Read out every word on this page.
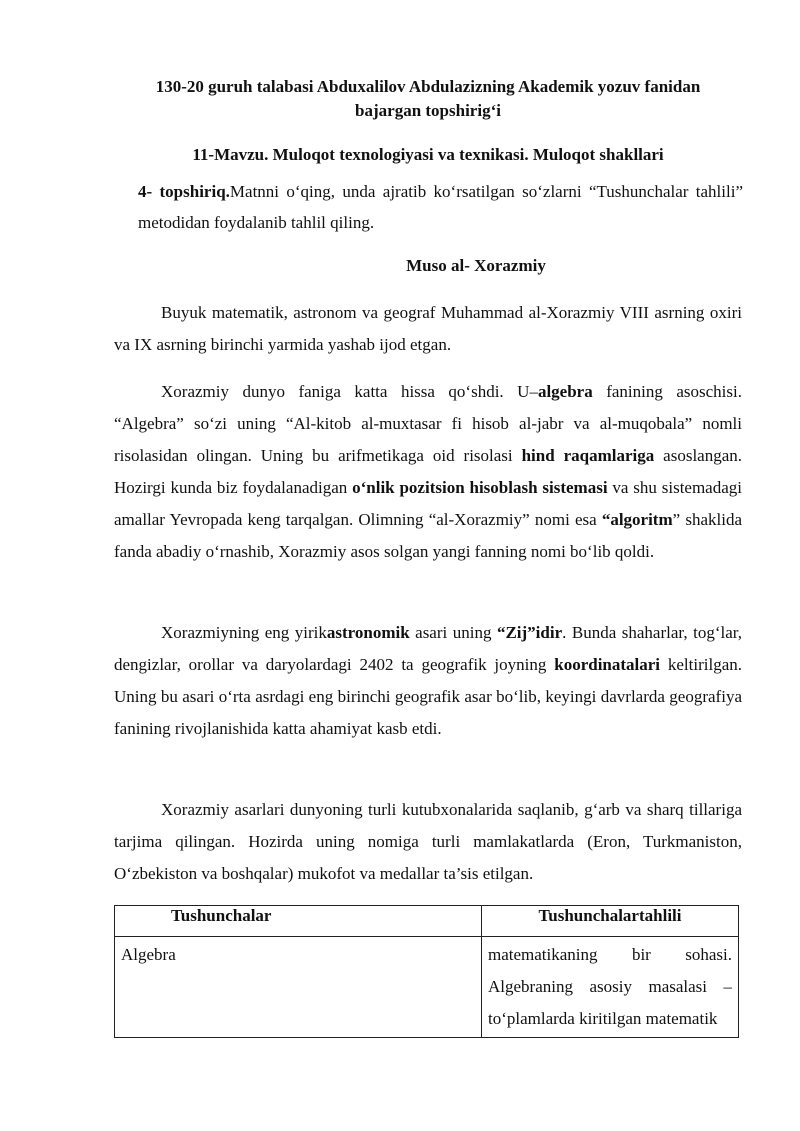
130-20 guruh talabasi Abduxalilov Abdulazizning Akademik yozuv fanidan
bajargan topshirig‘i
11-Mavzu. Muloqot texnologiyasi va texnikasi. Muloqot shakllari
4- topshiriq.Matnni o‘qing, unda ajratib ko‘rsatilgan so‘zlarni “Tushunchalar tahlili” metodidan foydalanib tahlil qiling.
Muso al- Xorazmiy

Buyuk matematik, astronom va geograf Muhammad al-Xorazmiy VIII asrning oxiri va IX asrning birinchi yarmida yashab ijod etgan.

Xorazmiy dunyo faniga katta hissa qo‘shdi. U–algebra fanining asoschisi. “Algebra” so‘zi uning “Al-kitob al-muxtasar fi hisob al-jabr va al-muqobala” nomli risolasidan olingan. Uning bu arifmetikaga oid risolasi hind raqamlariga asoslangan. Hozirgi kunda biz foydalanadigan o‘nlik pozitsion hisoblash sistemasi va shu sistemadagi amallar Yevropada keng tarqalgan. Olimning “al-Xorazmiy” nomi esa “algoritm” shaklida fanda abadiy o‘rnashib, Xorazmiy asos solgan yangi fanning nomi bo‘lib qoldi.

Xorazmiyning eng yirikastronomik asari uning “Zij”idir. Bunda shaharlar, tog‘lar, dengizlar, orollar va daryolardagi 2402 ta geografik joyning koordinatalari keltirilgan. Uning bu asari o‘rta asrdagi eng birinchi geografik asar bo‘lib, keyingi davrlarda geografiya fanining rivojlanishida katta ahamiyat kasb etdi.

Xorazmiy asarlari dunyoning turli kutubxonalarida saqlanib, g‘arb va sharq tillariga tarjima qilingan. Hozirda uning nomiga turli mamlakatlarda (Eron, Turkmaniston, O‘zbekiston va boshqalar) mukofot va medallar ta’sis etilgan.

Tushunchalar	Tushunchalartahlili
Algebra	matematikaning bir sohasi. Algebraning asosiy masalasi – to‘plamlarda kiritilgan matematik
